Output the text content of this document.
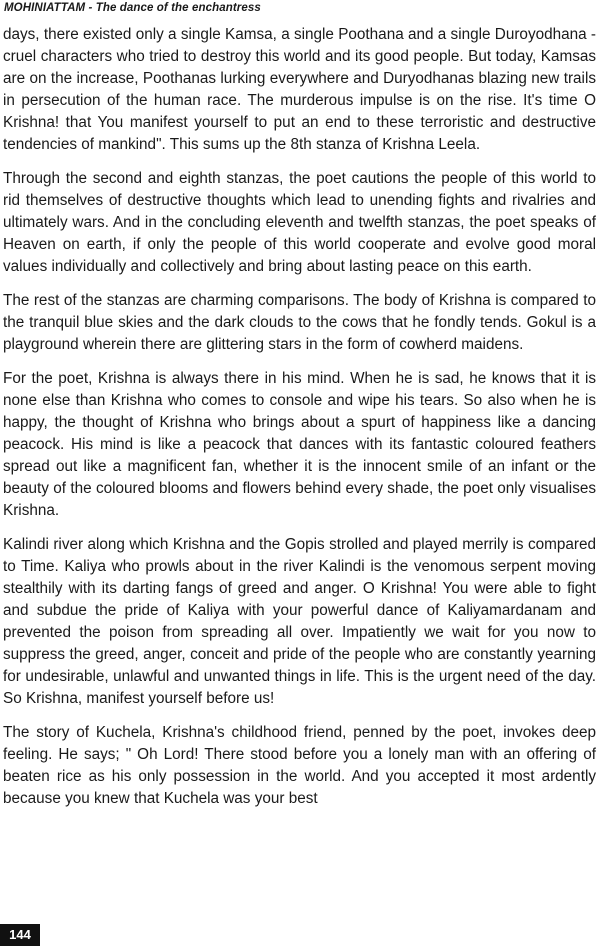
MOHINIATTAM - The dance of the enchantress

days, there existed only a single Kamsa, a single Poothana and a single Duroyodhana - cruel characters who tried to destroy this world and its good people. But today, Kamsas are on the increase, Poothanas lurking everywhere and Duryodhanas blazing new trails in persecution of the human race. The murderous impulse is on the rise. It's time O Krishna! that You manifest yourself to put an end to these terroristic and destructive tendencies of mankind". This sums up the 8th stanza of Krishna Leela.

Through the second and eighth stanzas, the poet cautions the people of this world to rid themselves of destructive thoughts which lead to unending fights and rivalries and ultimately wars. And in the concluding eleventh and twelfth stanzas, the poet speaks of Heaven on earth, if only the people of this world cooperate and evolve good moral values individually and collectively and bring about lasting peace on this earth.

The rest of the stanzas are charming comparisons. The body of Krishna is compared to the tranquil blue skies and the dark clouds to the cows that he fondly tends. Gokul is a playground wherein there are glittering stars in the form of cowherd maidens.

For the poet, Krishna is always there in his mind. When he is sad, he knows that it is none else than Krishna who comes to console and wipe his tears. So also when he is happy, the thought of Krishna who brings about a spurt of happiness like a dancing peacock. His mind is like a peacock that dances with its fantastic coloured feathers spread out like a magnificent fan, whether it is the innocent smile of an infant or the beauty of the coloured blooms and flowers behind every shade, the poet only visualises Krishna.

Kalindi river along which Krishna and the Gopis strolled and played merrily is compared to Time. Kaliya who prowls about in the river Kalindi is the venomous serpent moving stealthily with its darting fangs of greed and anger. O Krishna! You were able to fight and subdue the pride of Kaliya with your powerful dance of Kaliyamardanam and prevented the poison from spreading all over. Impatiently we wait for you now to suppress the greed, anger, conceit and pride of the people who are constantly yearning for undesirable, unlawful and unwanted things in life. This is the urgent need of the day. So Krishna, manifest yourself before us!

The story of Kuchela, Krishna's childhood friend, penned by the poet, invokes deep feeling. He says; " Oh Lord! There stood before you a lonely man with an offering of beaten rice as his only possession in the world. And you accepted it most ardently because you knew that Kuchela was your best

144
